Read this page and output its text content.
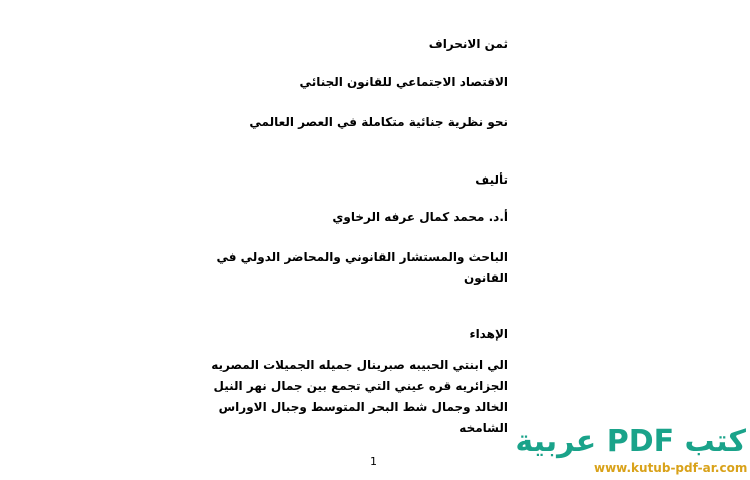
ثمن الانحراف
الاقتصاد الاجتماعي للقانون الجنائي
نحو نظرية جنائية متكاملة في العصر العالمي
تأليف
أ.د. محمد كمال عرفه الرخاوي
الباحث والمستشار القانوني والمحاضر الدولي في
القانون
الإهداء
الي ابنتي الحبيبه صبرينال جميله الجميلات المصريه
الجزائريه قره عيني التي تجمع بين جمال نهر النيل
الخالد وجمال شط البحر المتوسط وجبال الاوراس
الشامخه
1
كتب PDF عربية
www.kutub-pdf-ar.com
